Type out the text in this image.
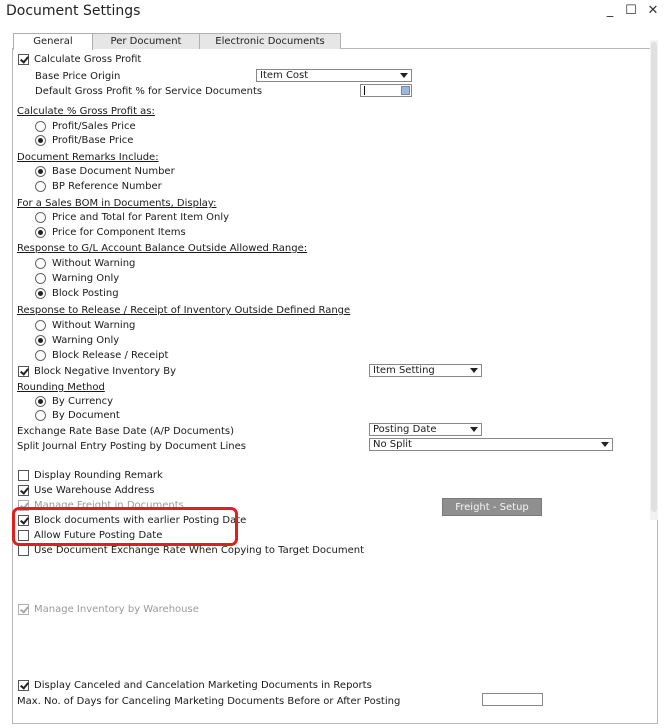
Document Settings	_ ☐ ✕
General	Per Document	Electronic Documents
Calculate Gross Profit
Base Price Origin	Item Cost
Default Gross Profit % for Service Documents
Calculate % Gross Profit as:
Profit/Sales Price
Profit/Base Price
Document Remarks Include:
Base Document Number
BP Reference Number
For a Sales BOM in Documents, Display:
Price and Total for Parent Item Only
Price for Component Items
Response to G/L Account Balance Outside Allowed Range:
Without Warning
Warning Only
Block Posting
Response to Release / Receipt of Inventory Outside Defined Range
Without Warning
Warning Only
Block Release / Receipt
Block Negative Inventory By	Item Setting
Rounding Method
By Currency
By Document
Exchange Rate Base Date (A/P Documents)	Posting Date
Split Journal Entry Posting by Document Lines	No Split
Display Rounding Remark
Use Warehouse Address
Manage Freight in Documents	Freight - Setup
Block documents with earlier Posting Date
Allow Future Posting Date
Use Document Exchange Rate When Copying to Target Document
Manage Inventory by Warehouse
Display Canceled and Cancelation Marketing Documents in Reports
Max. No. of Days for Canceling Marketing Documents Before or After Posting
